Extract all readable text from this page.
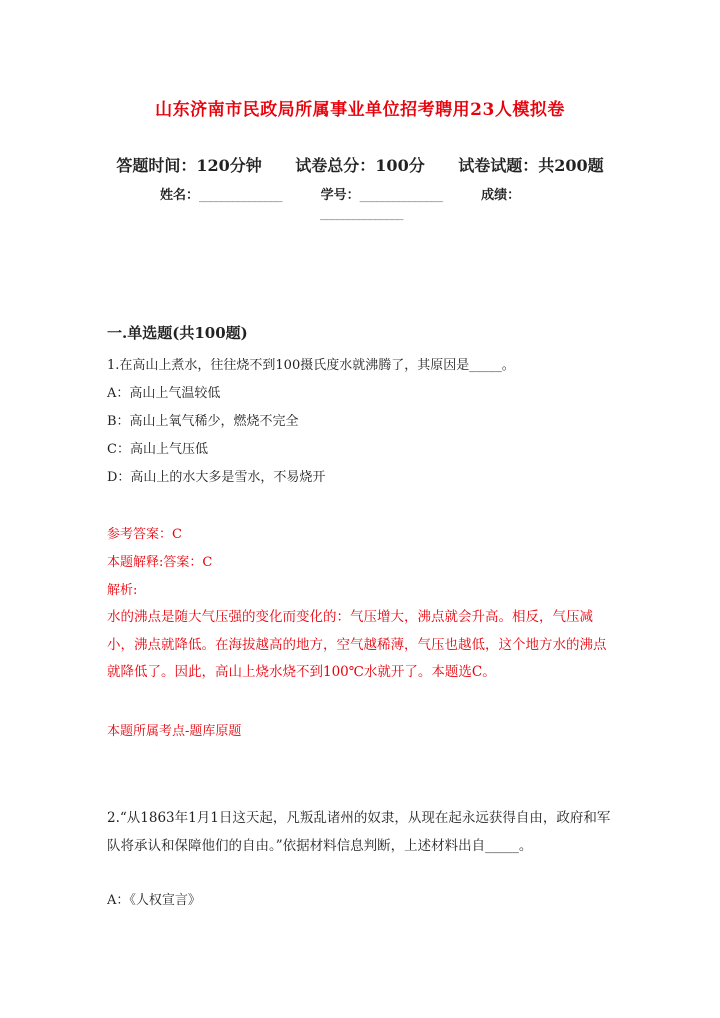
山东济南市民政局所属事业单位招考聘用23人模拟卷
答题时间：120分钟 试卷总分：100分 试卷试题：共200题
姓名：_______________	学号：_______________	成绩：
_______________
一.单选题(共100题)
1.在高山上煮水，往往烧不到100摄氏度水就沸腾了，其原因是_____。
A：高山上气温较低
B：高山上氧气稀少，燃烧不完全
C：高山上气压低
D：高山上的水大多是雪水，不易烧开
参考答案：C
本题解释:答案：C
解析:
水的沸点是随大气压强的变化而变化的：气压增大，沸点就会升高。相反，气压减小，沸点就降低。在海拔越高的地方，空气越稀薄，气压也越低，这个地方水的沸点就降低了。因此，高山上烧水烧不到100℃水就开了。本题选C。
本题所属考点-题库原题
2.“从1863年1月1日这天起，凡叛乱诸州的奴隶，从现在起永远获得自由，政府和军队将承认和保障他们的自由。”依据材料信息判断，上述材料出自_____。
A：《人权宣言》
